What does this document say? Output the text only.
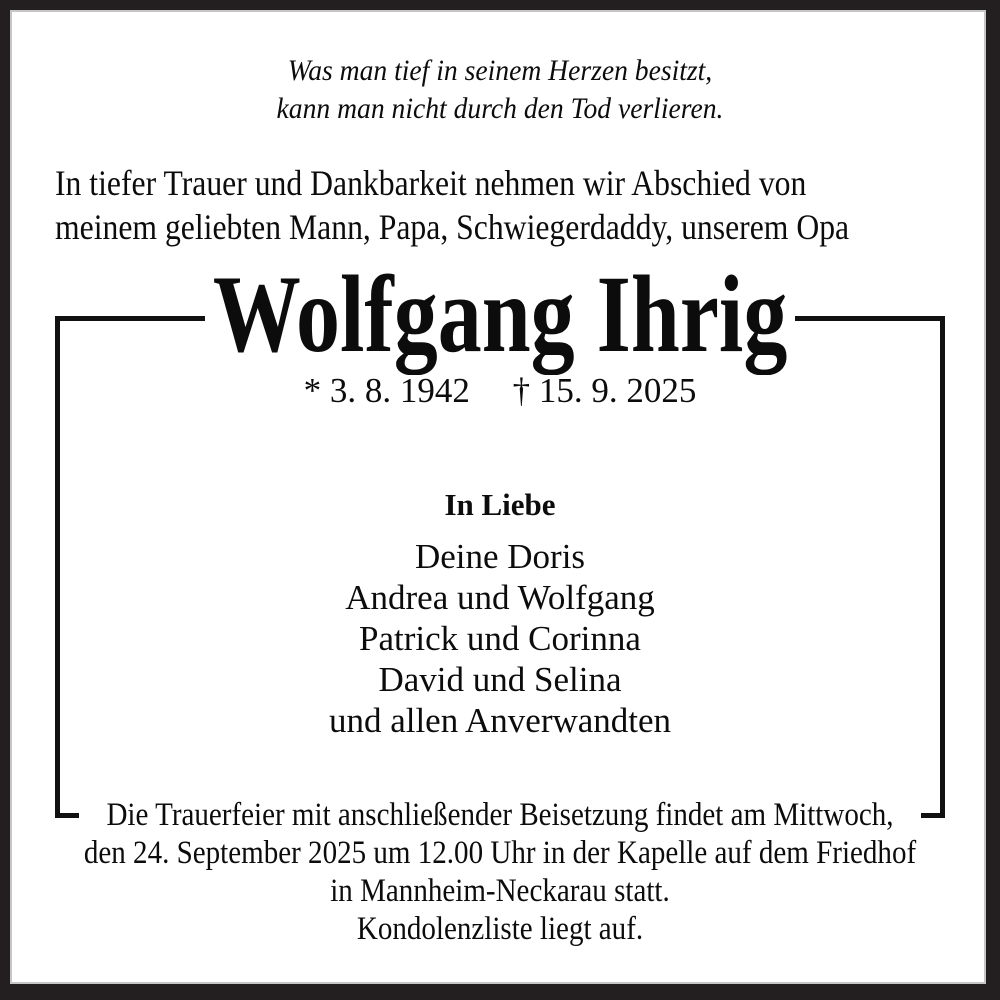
Was man tief in seinem Herzen besitzt,
kann man nicht durch den Tod verlieren.
In tiefer Trauer und Dankbarkeit nehmen wir Abschied von
meinem geliebten Mann, Papa, Schwiegerdaddy, unserem Opa
Wolfgang Ihrig
* 3. 8. 1942 † 15. 9. 2025
In Liebe
Deine Doris
Andrea und Wolfgang
Patrick und Corinna
David und Selina
und allen Anverwandten
Die Trauerfeier mit anschließender Beisetzung findet am Mittwoch,
den 24. September 2025 um 12.00 Uhr in der Kapelle auf dem Friedhof
in Mannheim-Neckarau statt.
Kondolenzliste liegt auf.
